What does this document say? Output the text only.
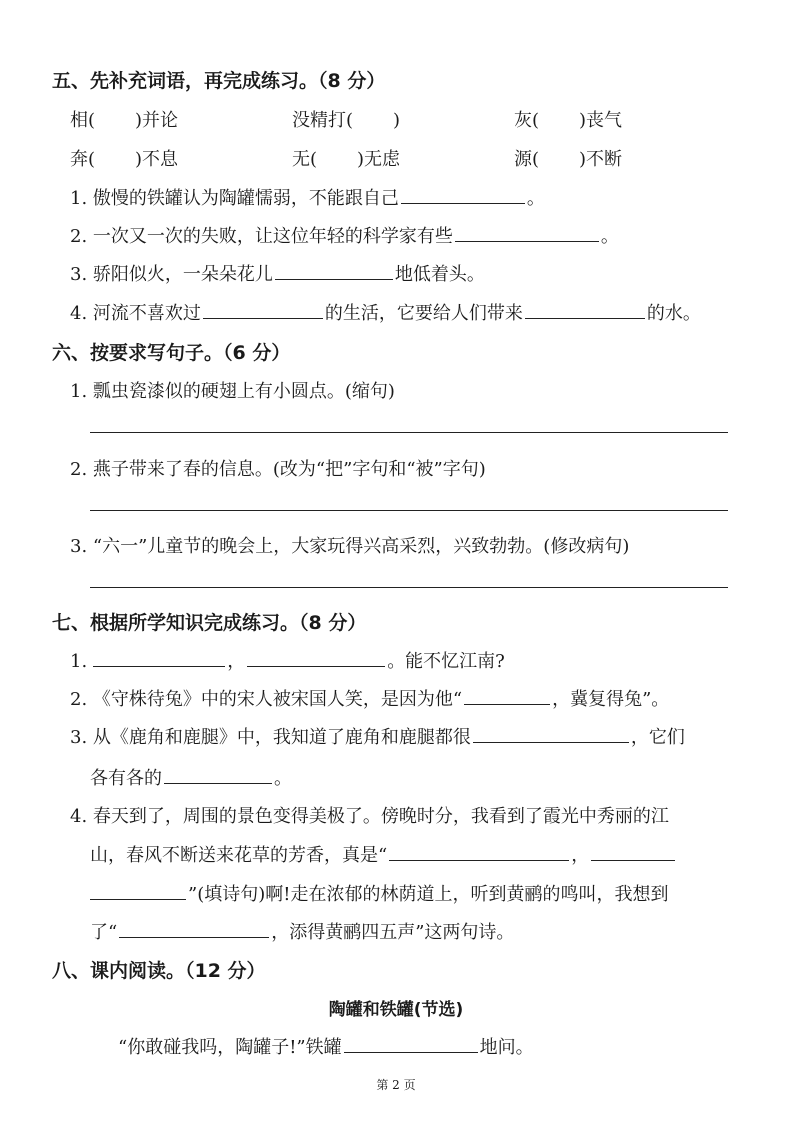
五、先补充词语，再完成练习。（8 分）
相( )并论	没精打( )	灰( )丧气
奔( )不息	无( )无虑	源( )不断
1. 傲慢的铁罐认为陶罐懦弱，不能跟自己	。
2. 一次又一次的失败，让这位年轻的科学家有些	。
3. 骄阳似火，一朵朵花儿	地低着头。
4. 河流不喜欢过	的生活，它要给人们带来	的水。
六、按要求写句子。（6 分）
1. 瓢虫瓷漆似的硬翅上有小圆点。(缩句)
2. 燕子带来了春的信息。(改为“把”字句和“被”字句)
3. “六一”儿童节的晚会上，大家玩得兴高采烈，兴致勃勃。(修改病句)
七、根据所学知识完成练习。（8 分）
1.	，	。能不忆江南?
2. 《守株待兔》中的宋人被宋国人笑，是因为他“	，冀复得兔”。
3. 从《鹿角和鹿腿》中，我知道了鹿角和鹿腿都很	，它们
各有各的	。
4. 春天到了，周围的景色变得美极了。傍晚时分，我看到了霞光中秀丽的江
山，春风不断送来花草的芳香，真是“	，
”(填诗句)啊!走在浓郁的林荫道上，听到黄鹂的鸣叫，我想到
了“	，添得黄鹂四五声”这两句诗。
八、课内阅读。（12 分）
陶罐和铁罐(节选)
“你敢碰我吗，陶罐子!”铁罐	地问。
第 2 页
